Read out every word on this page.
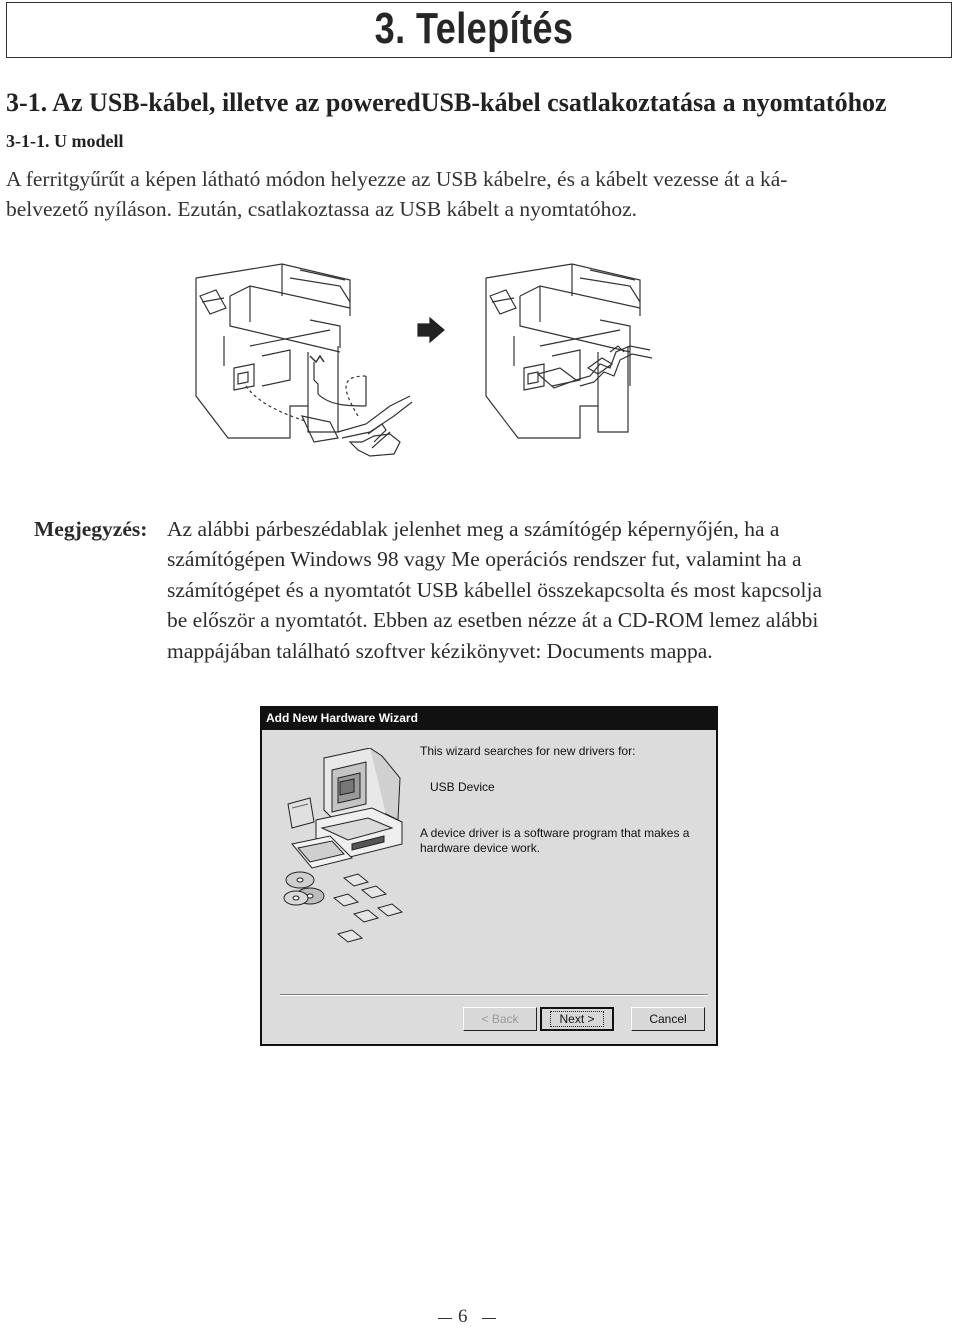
3. Telepítés
3-1. Az USB-kábel, illetve az poweredUSB-kábel csatlakoztatása a nyomtatóhoz
3-1-1. U modell
A ferritgyűrűt a képen látható módon helyezze az USB kábelre, és a kábelt vezesse át a ká-
belvezető nyíláson. Ezután, csatlakoztassa az USB kábelt a nyomtatóhoz.
Megjegyzés: Az alábbi párbeszédablak jelenhet meg a számítógép képernyőjén, ha a
számítógépen Windows 98 vagy Me operációs rendszer fut, valamint ha a
számítógépet és a nyomtatót USB kábellel összekapcsolta és most kapcsolja
be először a nyomtatót. Ebben az esetben nézze át a CD-ROM lemez alábbi
mappájában található szoftver kézikönyvet: Documents mappa.
Add New Hardware Wizard
This wizard searches for new drivers for:
USB Device
A device driver is a software program that makes a
hardware device work.
< Back	Next >	Cancel
6
